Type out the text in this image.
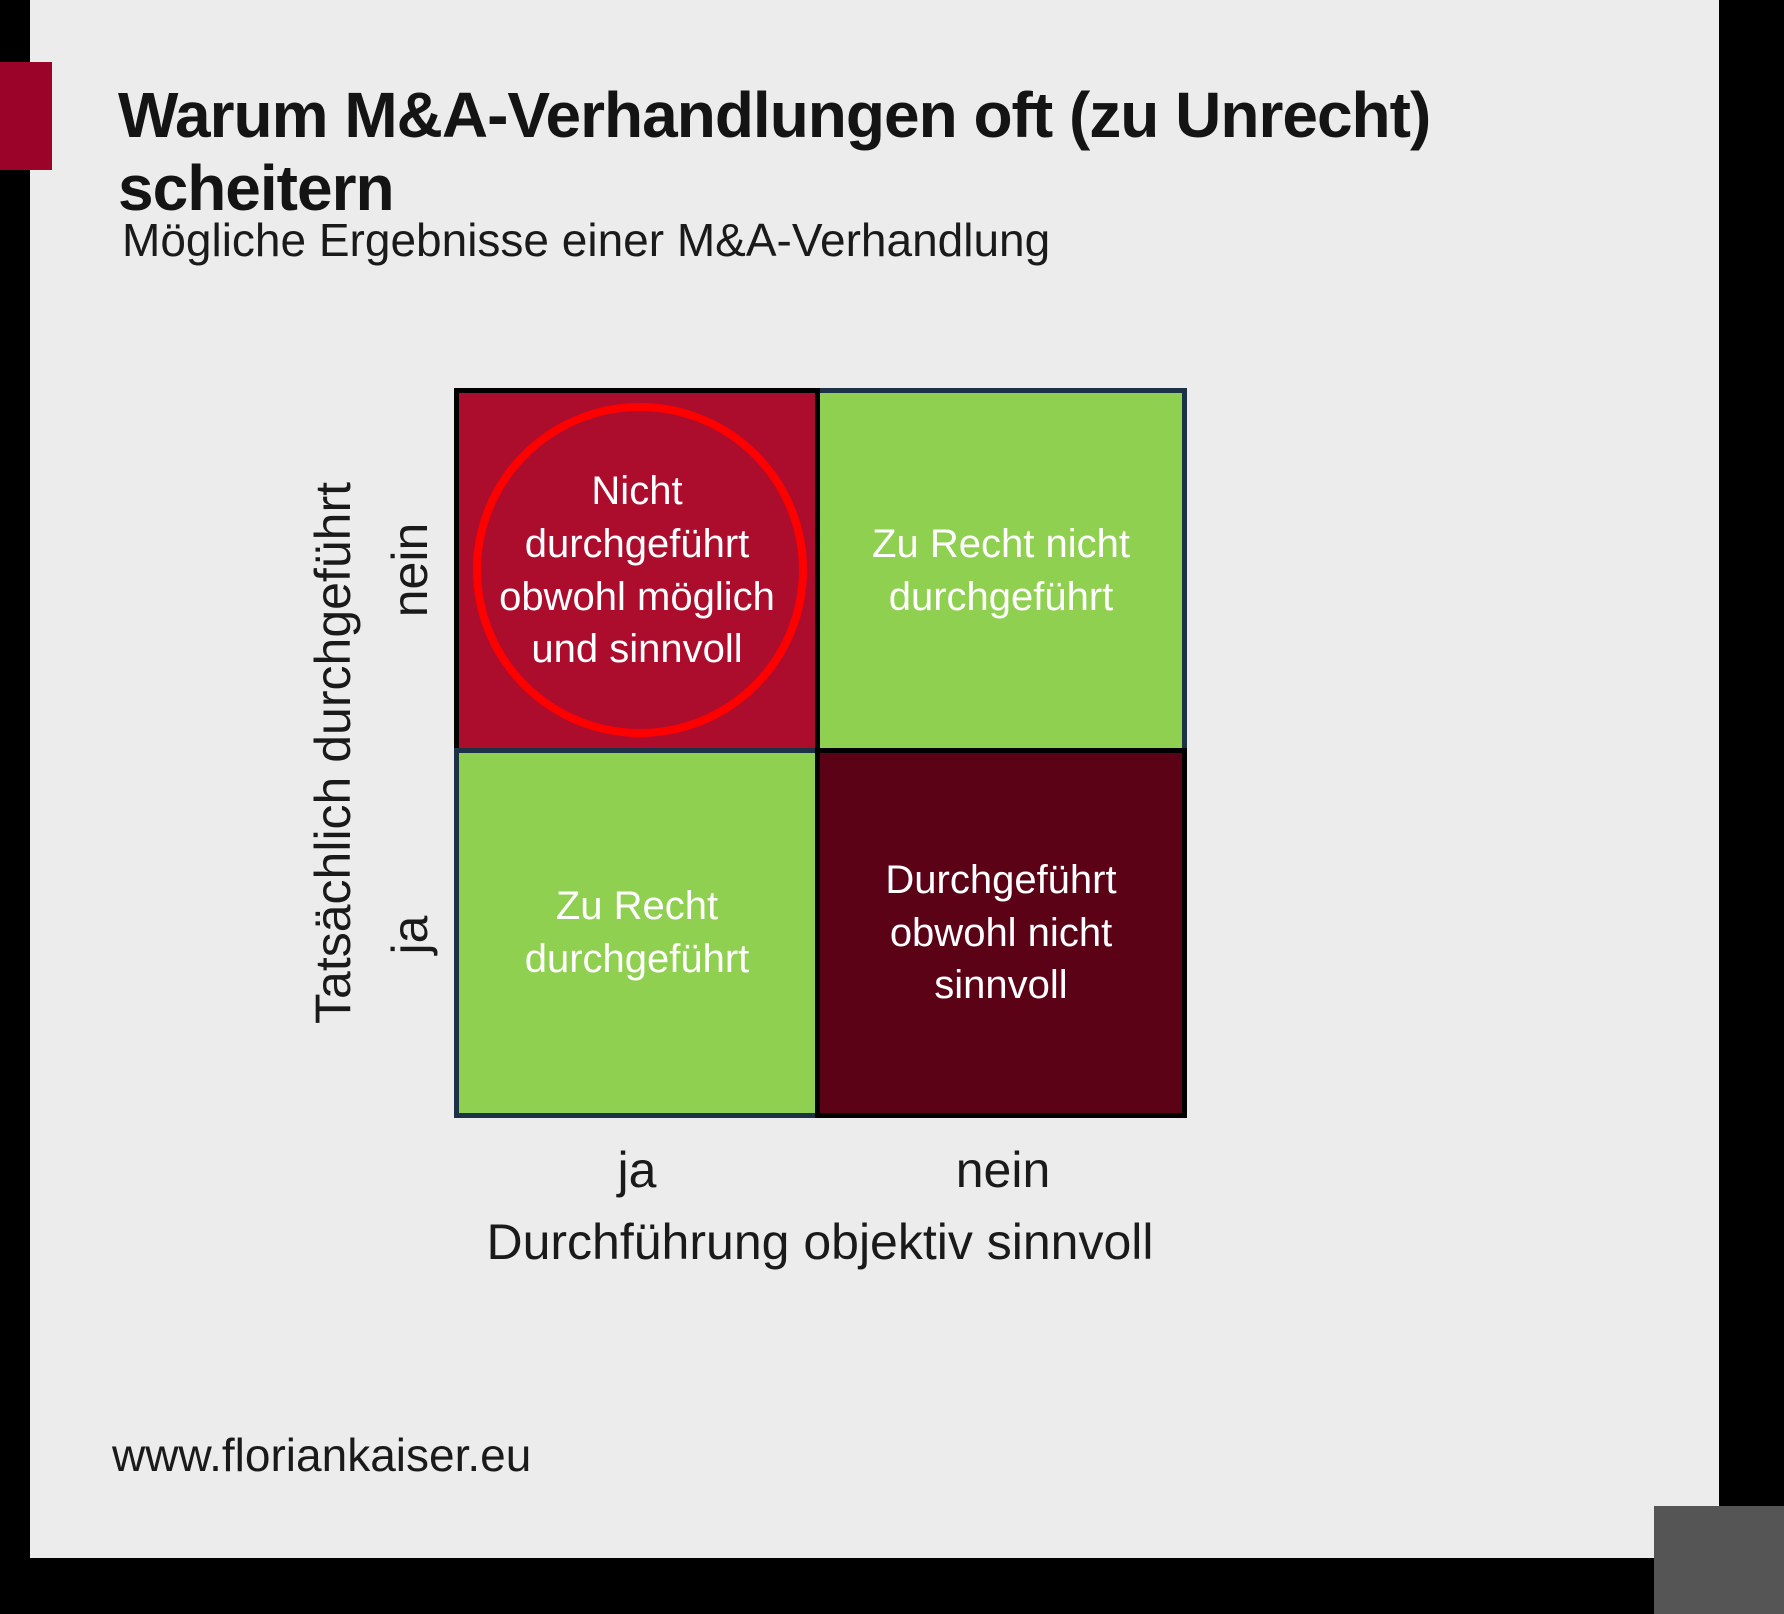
Warum M&A-Verhandlungen oft (zu Unrecht)
scheitern
Mögliche Ergebnisse einer M&A-Verhandlung
Nicht durchgeführt obwohl möglich und sinnvoll
Zu Recht nicht durchgeführt
Zu Recht durchgeführt
Durchgeführt obwohl nicht sinnvoll
Tatsächlich durchgeführt nein
ja
ja	nein
Durchführung objektiv sinnvoll
www.floriankaiser.eu
